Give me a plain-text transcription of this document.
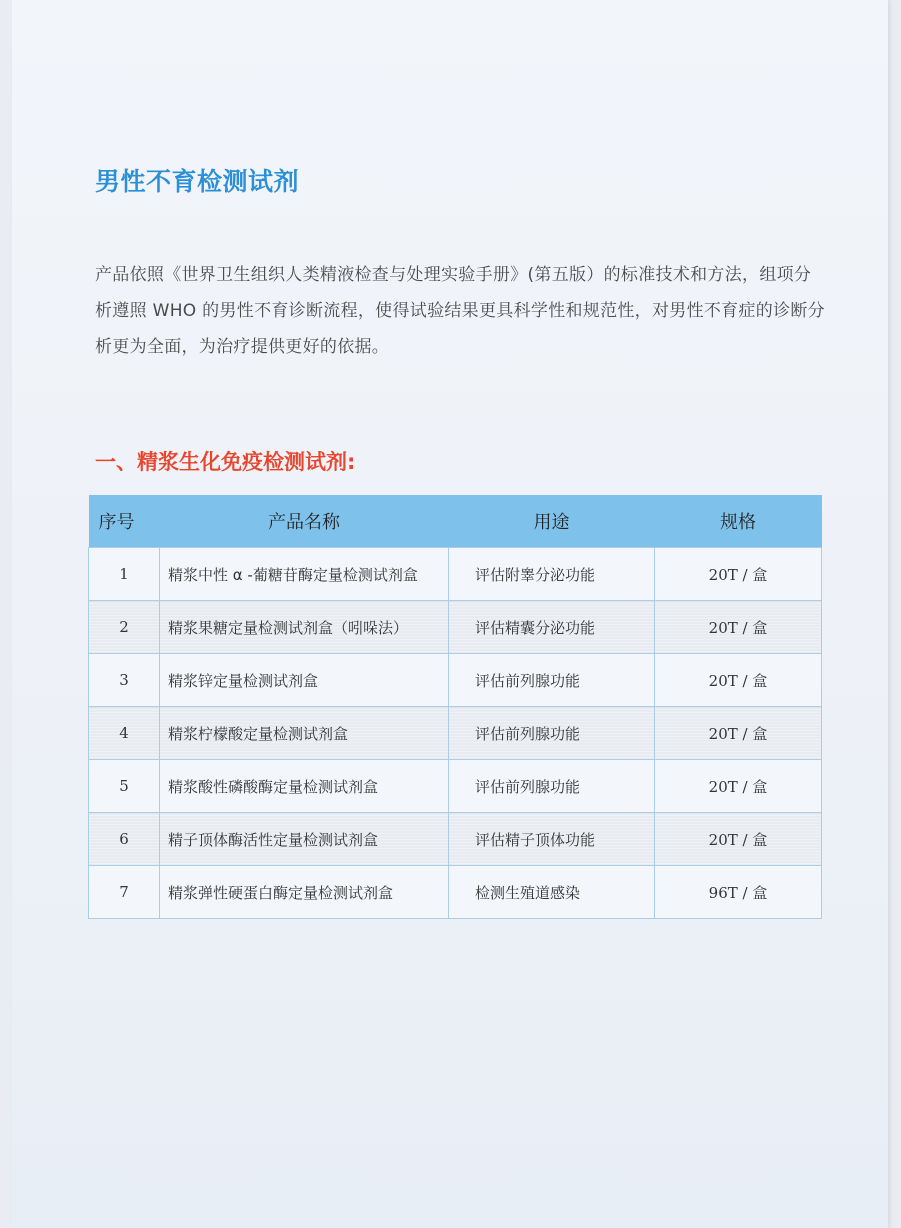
男性不育检测试剂

产品依照《世界卫生组织人类精液检查与处理实验手册》(第五版）的标准技术和方法，组项分析遵照 WHO 的男性不育诊断流程，使得试验结果更具科学性和规范性，对男性不育症的诊断分析更为全面，为治疗提供更好的依据。

一、精浆生化免疫检测试剂:
序号	产品名称	用途	规格
1	精浆中性 α -葡糖苷酶定量检测试剂盒	评估附睾分泌功能	20T / 盒
2	精浆果糖定量检测试剂盒（吲哚法）	评估精囊分泌功能	20T / 盒
3	精浆锌定量检测试剂盒	评估前列腺功能	20T / 盒
4	精浆柠檬酸定量检测试剂盒	评估前列腺功能	20T / 盒
5	精浆酸性磷酸酶定量检测试剂盒	评估前列腺功能	20T / 盒
6	精子顶体酶活性定量检测试剂盒	评估精子顶体功能	20T / 盒
7	精浆弹性硬蛋白酶定量检测试剂盒	检测生殖道感染	96T / 盒
